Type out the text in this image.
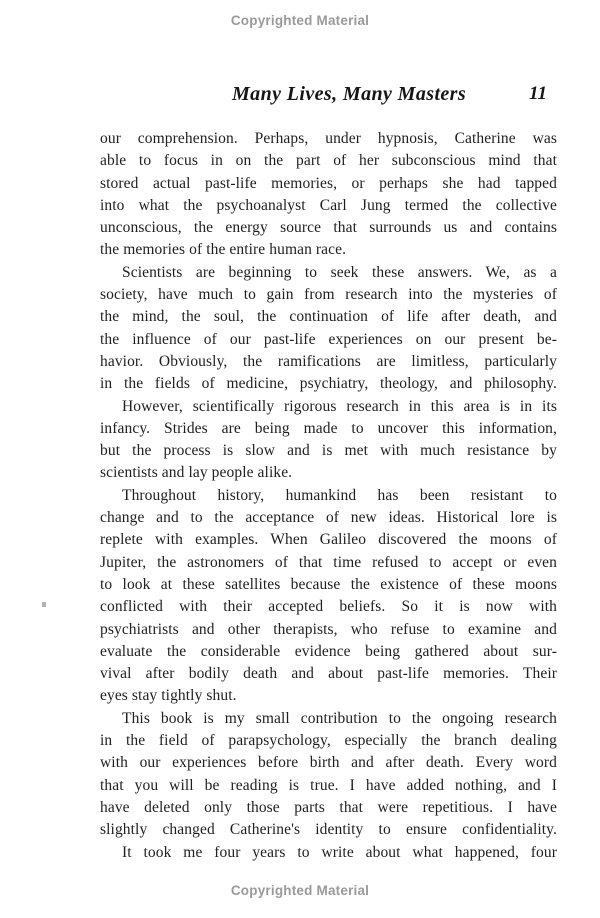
Copyrighted Material
Many Lives, Many Masters	11
our comprehension. Perhaps, under hypnosis, Catherine was
able to focus in on the part of her subconscious mind that
stored actual past-life memories, or perhaps she had tapped
into what the psychoanalyst Carl Jung termed the collective
unconscious, the energy source that surrounds us and contains
the memories of the entire human race.
Scientists are beginning to seek these answers. We, as a
society, have much to gain from research into the mysteries of
the mind, the soul, the continuation of life after death, and
the influence of our past-life experiences on our present be-
havior. Obviously, the ramifications are limitless, particularly
in the fields of medicine, psychiatry, theology, and philosophy.
However, scientifically rigorous research in this area is in its
infancy. Strides are being made to uncover this information,
but the process is slow and is met with much resistance by
scientists and lay people alike.
Throughout history, humankind has been resistant to
change and to the acceptance of new ideas. Historical lore is
replete with examples. When Galileo discovered the moons of
Jupiter, the astronomers of that time refused to accept or even
to look at these satellites because the existence of these moons
conflicted with their accepted beliefs. So it is now with
psychiatrists and other therapists, who refuse to examine and
evaluate the considerable evidence being gathered about sur-
vival after bodily death and about past-life memories. Their
eyes stay tightly shut.
This book is my small contribution to the ongoing research
in the field of parapsychology, especially the branch dealing
with our experiences before birth and after death. Every word
that you will be reading is true. I have added nothing, and I
have deleted only those parts that were repetitious. I have
slightly changed Catherine's identity to ensure confidentiality.
It took me four years to write about what happened, four
Copyrighted Material
